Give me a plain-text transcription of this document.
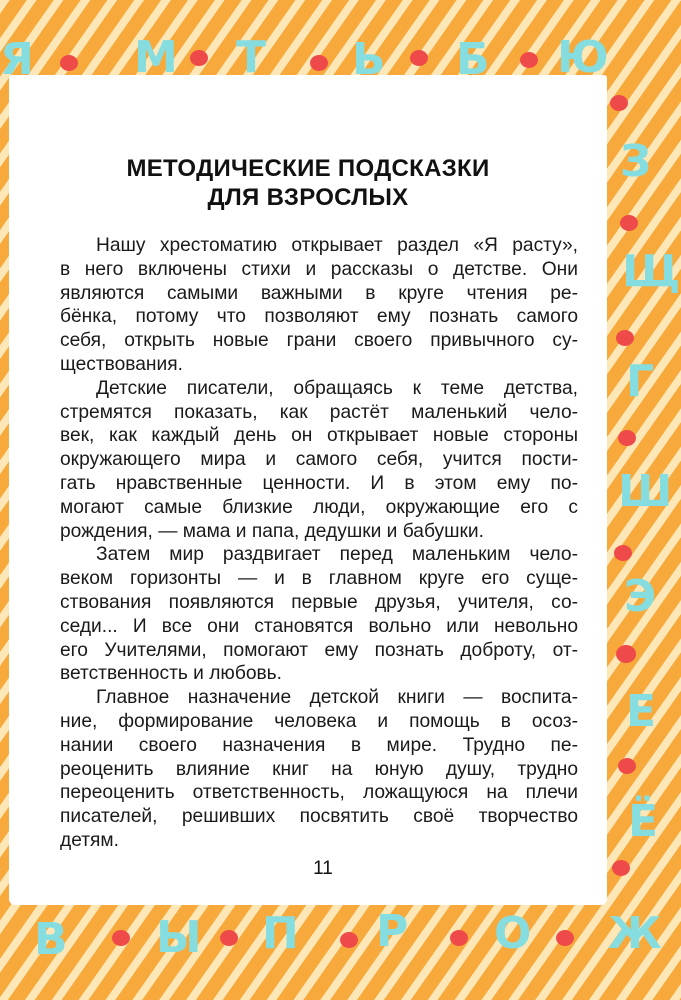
МЕТОДИЧЕСКИЕ ПОДСКАЗКИ
ДЛЯ ВЗРОСЛЫХ
Нашу хрестоматию открывает раздел «Я расту»,
в него включены стихи и рассказы о детстве. Они
являются самыми важными в круге чтения ре-
бёнка, потому что позволяют ему познать самого
себя, открыть новые грани своего привычного су-
ществования.
Детские писатели, обращаясь к теме детства,
стремятся показать, как растёт маленький чело-
век, как каждый день он открывает новые стороны
окружающего мира и самого себя, учится пости-
гать нравственные ценности. И в этом ему по-
могают самые близкие люди, окружающие его с
рождения, — мама и папа, дедушки и бабушки.
Затем мир раздвигает перед маленьким чело-
веком горизонты — и в главном круге его суще-
ствования появляются первые друзья, учителя, со-
седи... И все они становятся вольно или невольно
его Учителями, помогают ему познать доброту, от-
ветственность и любовь.
Главное назначение детской книги — воспита-
ние, формирование человека и помощь в осоз-
нании своего назначения в мире. Трудно пе-
реоценить влияние книг на юную душу, трудно
переоценить ответственность, ложащуюся на плечи
писателей, решивших посвятить своё творчество
детям.
11
Я М Т Ь Б Ю
З
Щ
Г
Ш
Э
Е
Ё
В Ы П Р О Ж
